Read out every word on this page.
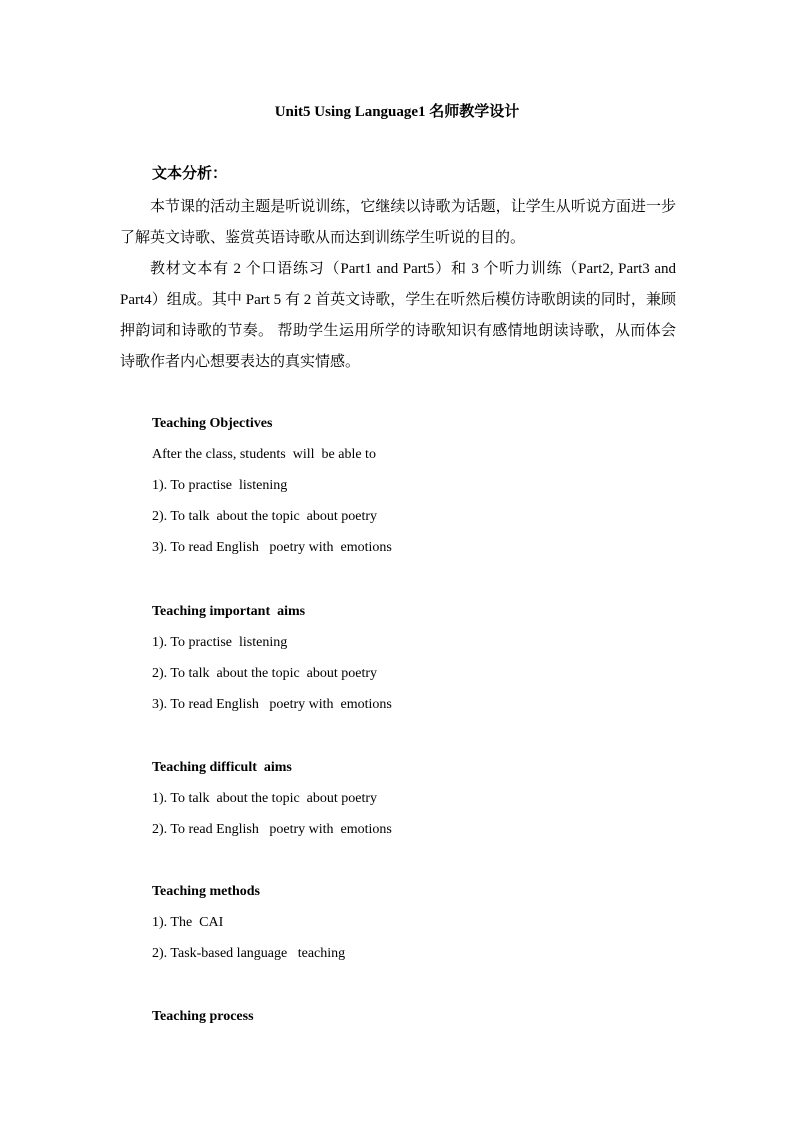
Unit5 Using Language1 名师教学设计
文本分析：
本节课的活动主题是听说训练，它继续以诗歌为话题，让学生从听说方面进一步了解英文诗歌、鉴赏英语诗歌从而达到训练学生听说的目的。
教材文本有 2 个口语练习（Part1 and Part5）和 3 个听力训练（Part2, Part3 and Part4）组成。其中 Part 5 有 2 首英文诗歌，学生在听然后模仿诗歌朗读的同时，兼顾押韵词和诗歌的节奏。 帮助学生运用所学的诗歌知识有感情地朗读诗歌，从而体会诗歌作者内心想要表达的真实情感。
Teaching Objectives
After the class, students  will  be able to
1). To practise  listening
2). To talk  about the topic  about poetry
3). To read English   poetry with  emotions
Teaching important  aims
1). To practise  listening
2). To talk  about the topic  about poetry
3). To read English   poetry with  emotions
Teaching difficult  aims
1). To talk  about the topic  about poetry
2). To read English   poetry with  emotions
Teaching methods
1). The  CAI
2). Task-based language   teaching
Teaching process
